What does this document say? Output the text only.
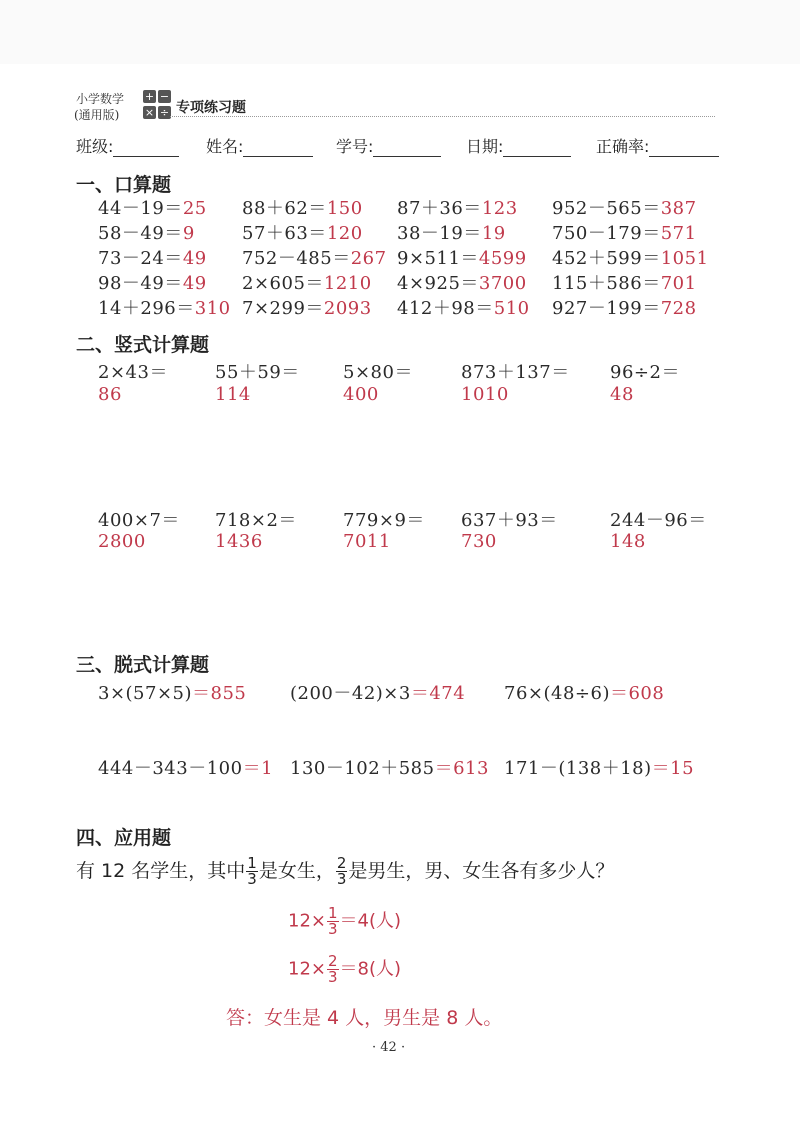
小学数学
(通用版)
+ −
× ÷ 专项练习题
班级:	姓名:	学号:	日期:	正确率:
一、口算题
44－19＝25 88＋62＝150 87＋36＝123 952－565＝387
58－49＝9	57＋63＝120 38－19＝19	750－179＝571
73－24＝49 752－485＝267 9×511＝4599 452＋599＝1051
98－49＝49 2×605＝1210 4×925＝3700 115＋586＝701
14＋296＝310 7×299＝2093 412＋98＝510 927－199＝728
二、竖式计算题
2×43＝
86
55＋59＝
114
5×80＝
400
873＋137＝
1010
96÷2＝
48
400×7＝
2800
718×2＝
1436
779×9＝
7011
637＋93＝
730
244－96＝
148
三、脱式计算题
3×(57×5)＝855 (200－42)×3＝474 76×(48÷6)＝608
444－343－100＝1 130－102＋585＝613 171－(138＋18)＝15
四、应用题
有 12 名学生，其中 $\frac{1}{3}$ 是女生， $\frac{2}{3}$ 是男生，男、女生各有多少人？
$12\times \frac{1}{3} =4$(人)
$12\times \frac{2}{3} =8$(人)
答：女生是 4 人，男生是 8 人。
· 42 ·
